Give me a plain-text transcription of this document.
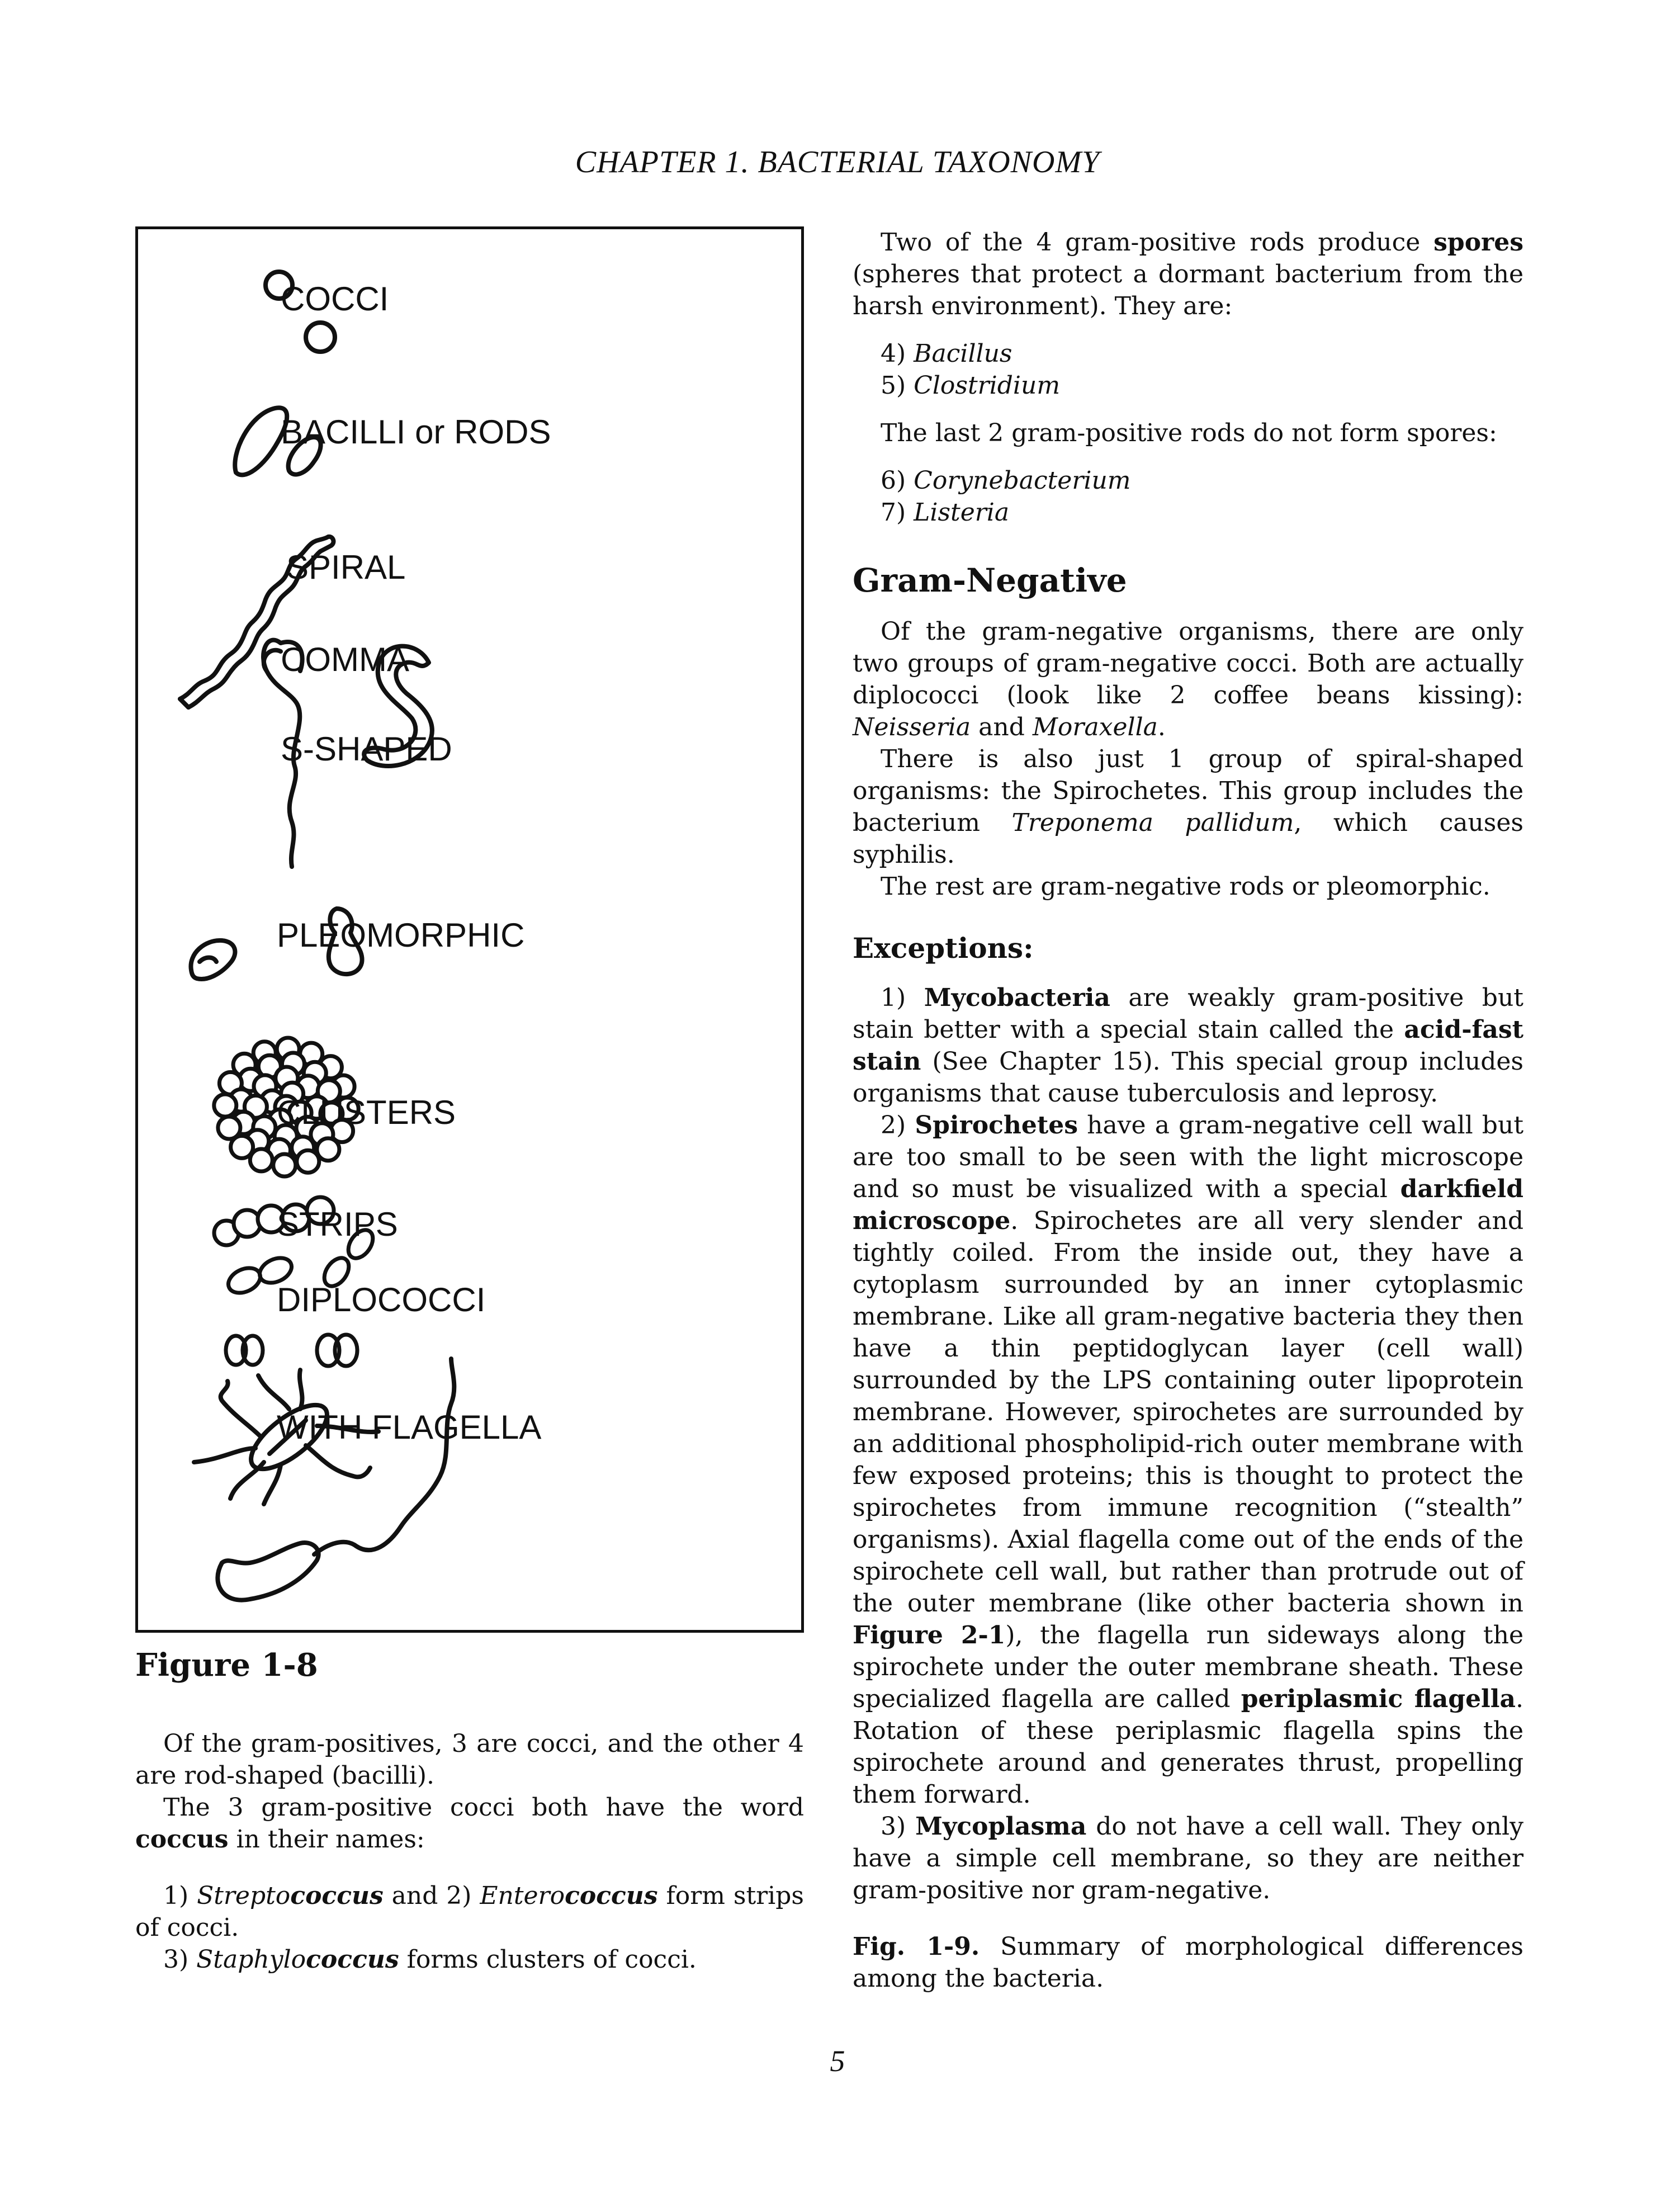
CHAPTER 1. BACTERIAL TAXONOMY
COCCI
BACILLI or RODS
SPIRAL
COMMA
S-SHAPED
PLEOMORPHIC
CLUSTERS
STRIPS
DIPLOCOCCI
WITH FLAGELLA
Figure 1-8

Of the gram-positives, 3 are cocci, and the other 4 are rod-shaped (bacilli).

The 3 gram-positive cocci both have the word coccus in their names:

1) Streptococcus and 2) Enterococcus form strips of cocci.

3) Staphylococcus forms clusters of cocci.

Two of the 4 gram-positive rods produce spores (spheres that protect a dormant bacterium from the harsh environment). They are:

4) Bacillus

5) Clostridium

The last 2 gram-positive rods do not form spores:

6) Corynebacterium

7) Listeria

Gram-Negative

Of the gram-negative organisms, there are only two groups of gram-negative cocci. Both are actually diplococci (look like 2 coffee beans kissing): Neisseria and Moraxella.

There is also just 1 group of spiral-shaped organisms: the Spirochetes. This group includes the bacterium Treponema pallidum, which causes syphilis.

The rest are gram-negative rods or pleomorphic.

Exceptions:

1) Mycobacteria are weakly gram-positive but stain better with a special stain called the acid-fast stain (See Chapter 15). This special group includes organisms that cause tuberculosis and leprosy.

2) Spirochetes have a gram-negative cell wall but are too small to be seen with the light microscope and so must be visualized with a special darkfield microscope. Spirochetes are all very slender and tightly coiled. From the inside out, they have a cytoplasm surrounded by an inner cytoplasmic membrane. Like all gram-negative bacteria they then have a thin peptidoglycan layer (cell wall) surrounded by the LPS containing outer lipoprotein membrane. However, spirochetes are surrounded by an additional phospholipid-rich outer membrane with few exposed proteins; this is thought to protect the spirochetes from immune recognition (“stealth” organisms). Axial flagella come out of the ends of the spirochete cell wall, but rather than protrude out of the outer membrane (like other bacteria shown in Figure 2-1), the flagella run sideways along the spirochete under the outer membrane sheath. These specialized flagella are called periplasmic flagella. Rotation of these periplasmic flagella spins the spirochete around and generates thrust, propelling them forward.

3) Mycoplasma do not have a cell wall. They only have a simple cell membrane, so they are neither gram-positive nor gram-negative.

Fig. 1-9. Summary of morphological differences among the bacteria.

5
